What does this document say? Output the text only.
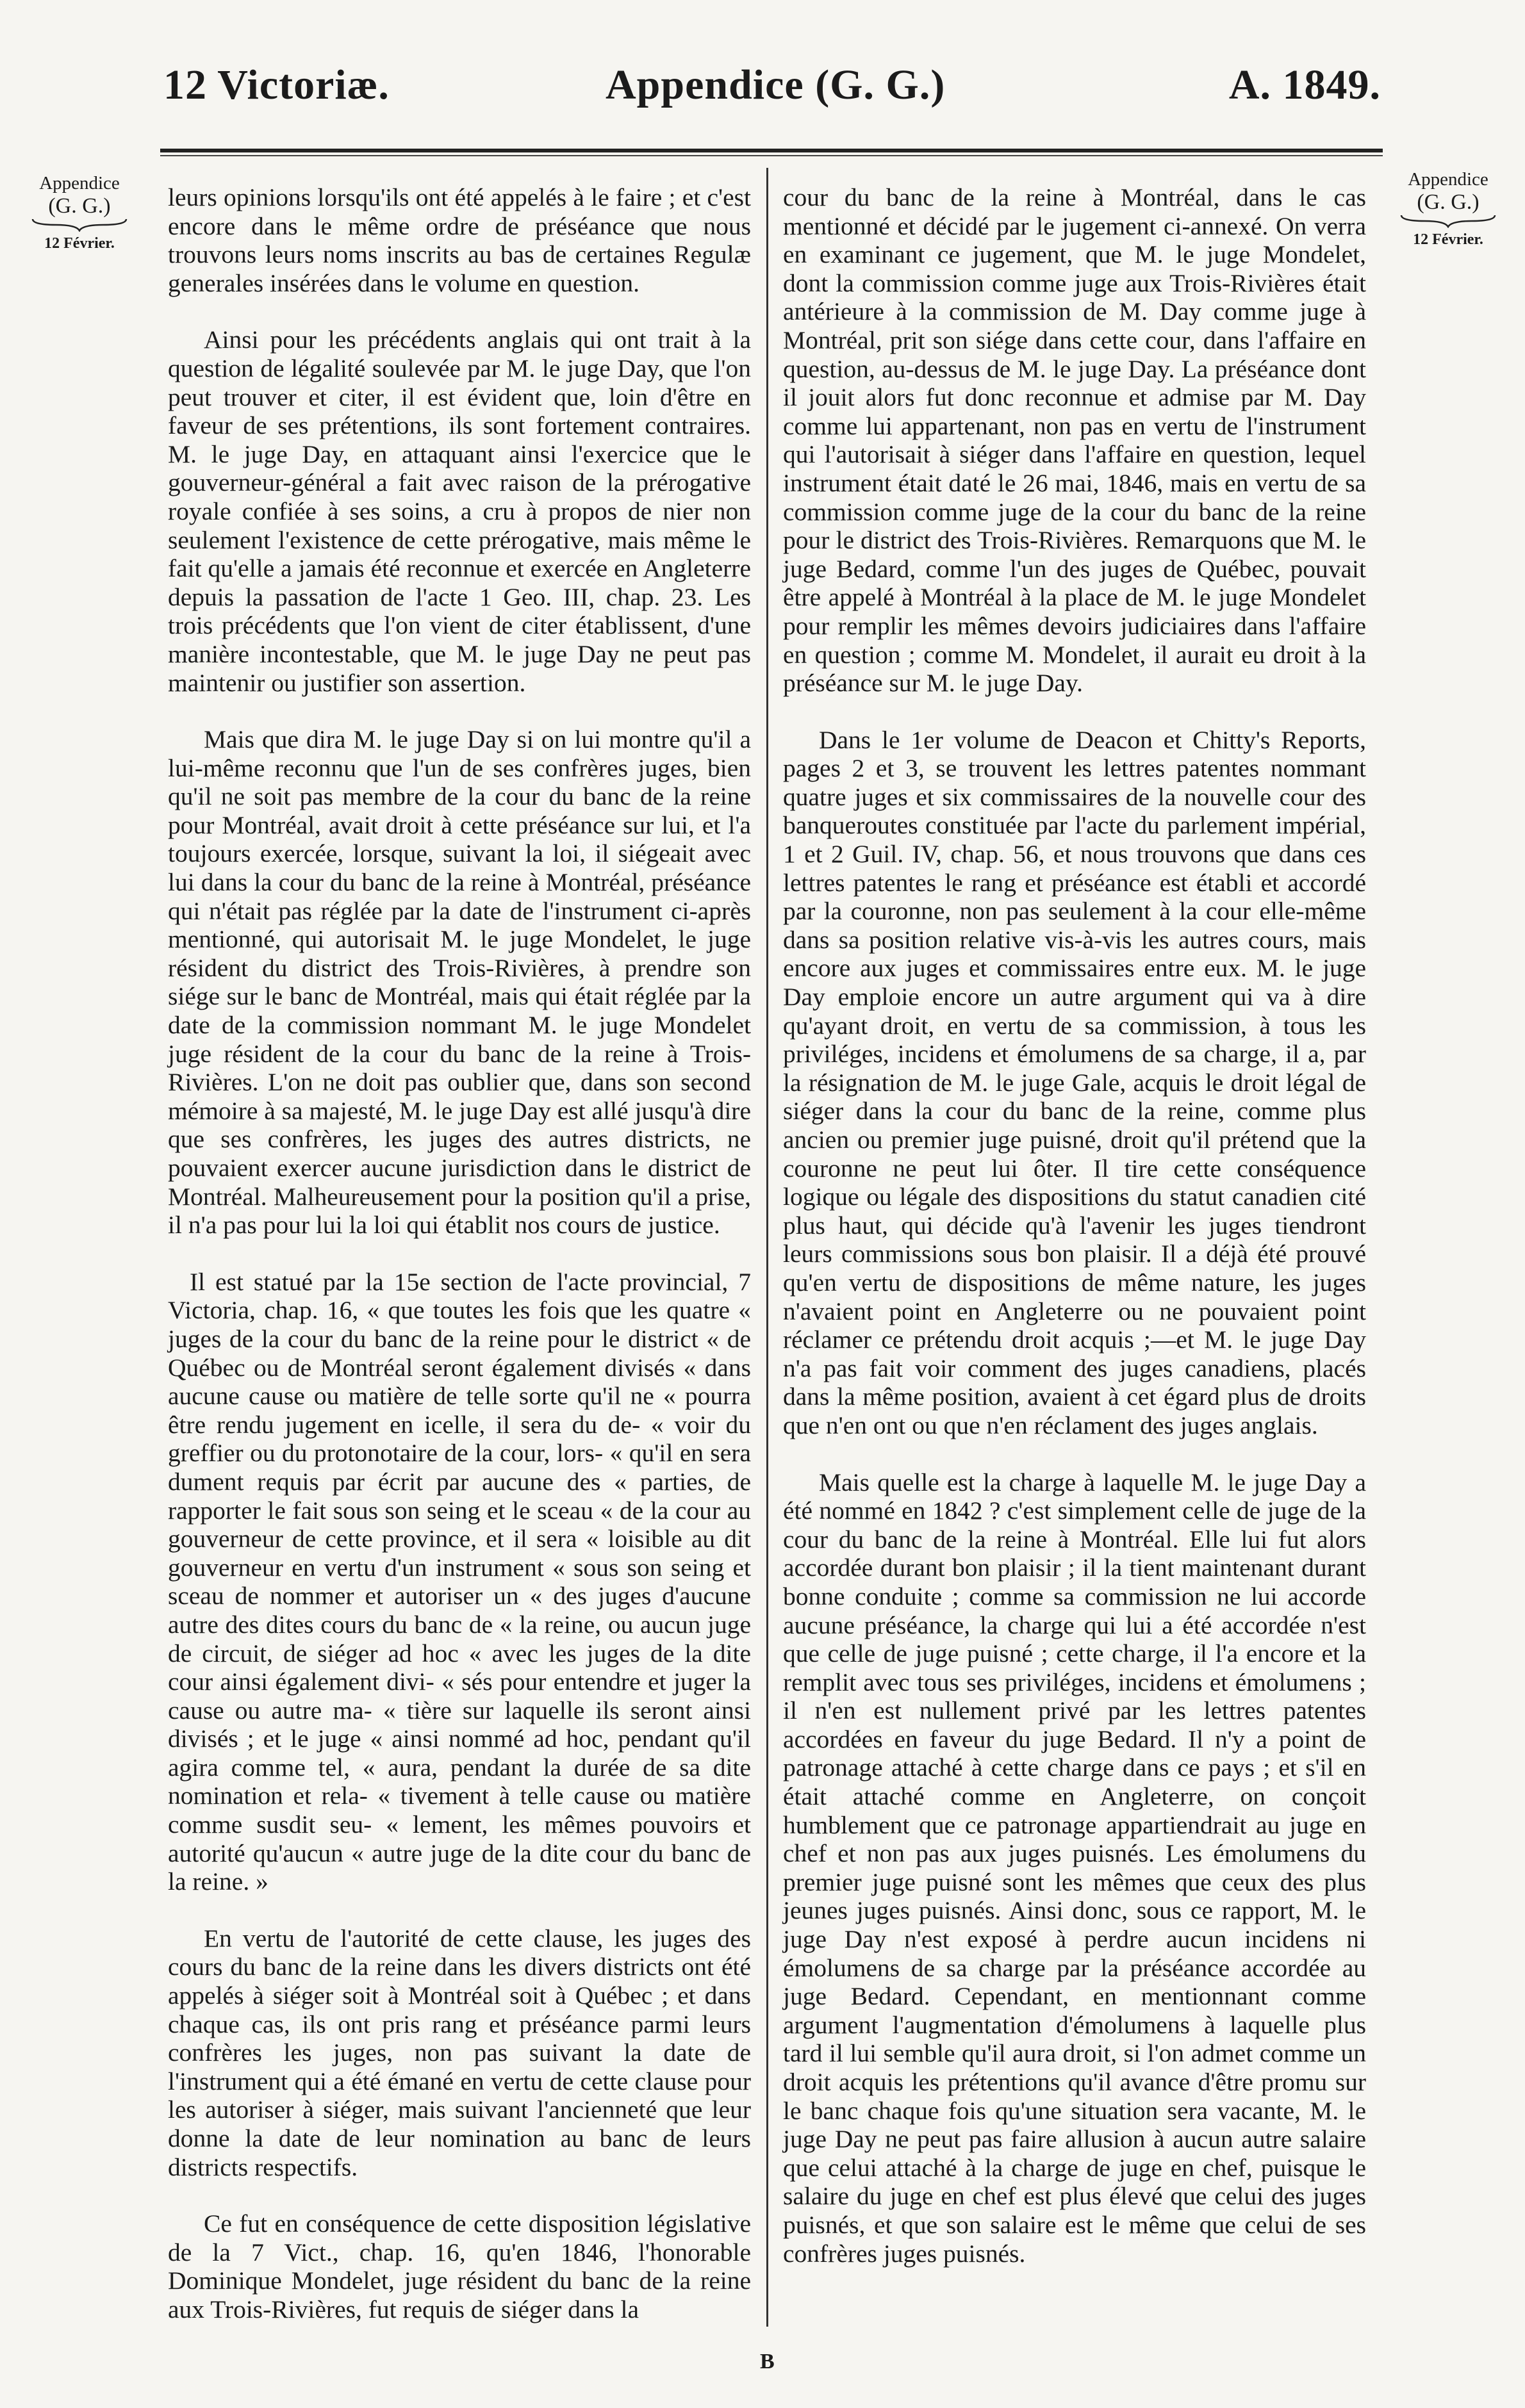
12 Victoriæ.	Appendice (G. G.)	A. 1849.
Appendice
(G. G.)
12 Février.
Appendice
(G. G.)
12 Février.

leurs opinions lorsqu'ils ont été appelés à le faire ; et c'est encore dans le même ordre de préséance que nous trouvons leurs noms inscrits au bas de certaines Regulæ generales insérées dans le volume en question.

Ainsi pour les précédents anglais qui ont trait à la question de légalité soulevée par M. le juge Day, que l'on peut trouver et citer, il est évident que, loin d'être en faveur de ses prétentions, ils sont fortement contraires. M. le juge Day, en attaquant ainsi l'exercice que le gouverneur-général a fait avec raison de la prérogative royale confiée à ses soins, a cru à propos de nier non seulement l'existence de cette prérogative, mais même le fait qu'elle a jamais été reconnue et exercée en Angleterre depuis la passation de l'acte 1 Geo. III, chap. 23. Les trois précédents que l'on vient de citer établissent, d'une manière incontestable, que M. le juge Day ne peut pas maintenir ou justifier son assertion.

Mais que dira M. le juge Day si on lui montre qu'il a lui-même reconnu que l'un de ses confrères juges, bien qu'il ne soit pas membre de la cour du banc de la reine pour Montréal, avait droit à cette préséance sur lui, et l'a toujours exercée, lorsque, suivant la loi, il siégeait avec lui dans la cour du banc de la reine à Montréal, préséance qui n'était pas réglée par la date de l'instrument ci-après mentionné, qui autorisait M. le juge Mondelet, le juge résident du district des Trois-Rivières, à prendre son siége sur le banc de Montréal, mais qui était réglée par la date de la commission nommant M. le juge Mondelet juge résident de la cour du banc de la reine à Trois-Rivières. L'on ne doit pas oublier que, dans son second mémoire à sa majesté, M. le juge Day est allé jusqu'à dire que ses confrères, les juges des autres districts, ne pouvaient exercer aucune jurisdiction dans le district de Montréal. Malheureusement pour la position qu'il a prise, il n'a pas pour lui la loi qui établit nos cours de justice.

Il est statué par la 15e section de l'acte provincial, 7 Victoria, chap. 16, « que toutes les fois que les quatre « juges de la cour du banc de la reine pour le district « de Québec ou de Montréal seront également divisés « dans aucune cause ou matière de telle sorte qu'il ne « pourra être rendu jugement en icelle, il sera du de- « voir du greffier ou du protonotaire de la cour, lors- « qu'il en sera dument requis par écrit par aucune des « parties, de rapporter le fait sous son seing et le sceau « de la cour au gouverneur de cette province, et il sera « loisible au dit gouverneur en vertu d'un instrument « sous son seing et sceau de nommer et autoriser un « des juges d'aucune autre des dites cours du banc de « la reine, ou aucun juge de circuit, de siéger ad hoc « avec les juges de la dite cour ainsi également divi- « sés pour entendre et juger la cause ou autre ma- « tière sur laquelle ils seront ainsi divisés ; et le juge « ainsi nommé ad hoc, pendant qu'il agira comme tel, « aura, pendant la durée de sa dite nomination et rela- « tivement à telle cause ou matière comme susdit seu- « lement, les mêmes pouvoirs et autorité qu'aucun « autre juge de la dite cour du banc de la reine. »

En vertu de l'autorité de cette clause, les juges des cours du banc de la reine dans les divers districts ont été appelés à siéger soit à Montréal soit à Québec ; et dans chaque cas, ils ont pris rang et préséance parmi leurs confrères les juges, non pas suivant la date de l'instrument qui a été émané en vertu de cette clause pour les autoriser à siéger, mais suivant l'ancienneté que leur donne la date de leur nomination au banc de leurs districts respectifs.

Ce fut en conséquence de cette disposition législative de la 7 Vict., chap. 16, qu'en 1846, l'honorable Dominique Mondelet, juge résident du banc de la reine aux Trois-Rivières, fut requis de siéger dans la

cour du banc de la reine à Montréal, dans le cas mentionné et décidé par le jugement ci-annexé. On verra en examinant ce jugement, que M. le juge Mondelet, dont la commission comme juge aux Trois-Rivières était antérieure à la commission de M. Day comme juge à Montréal, prit son siége dans cette cour, dans l'affaire en question, au-dessus de M. le juge Day. La préséance dont il jouit alors fut donc reconnue et admise par M. Day comme lui appartenant, non pas en vertu de l'instrument qui l'autorisait à siéger dans l'affaire en question, lequel instrument était daté le 26 mai, 1846, mais en vertu de sa commission comme juge de la cour du banc de la reine pour le district des Trois-Rivières. Remarquons que M. le juge Bedard, comme l'un des juges de Québec, pouvait être appelé à Montréal à la place de M. le juge Mondelet pour remplir les mêmes devoirs judiciaires dans l'affaire en question ; comme M. Mondelet, il aurait eu droit à la préséance sur M. le juge Day.

Dans le 1er volume de Deacon et Chitty's Reports, pages 2 et 3, se trouvent les lettres patentes nommant quatre juges et six commissaires de la nouvelle cour des banqueroutes constituée par l'acte du parlement impérial, 1 et 2 Guil. IV, chap. 56, et nous trouvons que dans ces lettres patentes le rang et préséance est établi et accordé par la couronne, non pas seulement à la cour elle-même dans sa position relative vis-à-vis les autres cours, mais encore aux juges et commissaires entre eux. M. le juge Day emploie encore un autre argument qui va à dire qu'ayant droit, en vertu de sa commission, à tous les priviléges, incidens et émolumens de sa charge, il a, par la résignation de M. le juge Gale, acquis le droit légal de siéger dans la cour du banc de la reine, comme plus ancien ou premier juge puisné, droit qu'il prétend que la couronne ne peut lui ôter. Il tire cette conséquence logique ou légale des dispositions du statut canadien cité plus haut, qui décide qu'à l'avenir les juges tiendront leurs commissions sous bon plaisir. Il a déjà été prouvé qu'en vertu de dispositions de même nature, les juges n'avaient point en Angleterre ou ne pouvaient point réclamer ce prétendu droit acquis ;—et M. le juge Day n'a pas fait voir comment des juges canadiens, placés dans la même position, avaient à cet égard plus de droits que n'en ont ou que n'en réclament des juges anglais.

Mais quelle est la charge à laquelle M. le juge Day a été nommé en 1842 ? c'est simplement celle de juge de la cour du banc de la reine à Montréal. Elle lui fut alors accordée durant bon plaisir ; il la tient maintenant durant bonne conduite ; comme sa commission ne lui accorde aucune préséance, la charge qui lui a été accordée n'est que celle de juge puisné ; cette charge, il l'a encore et la remplit avec tous ses priviléges, incidens et émolumens ; il n'en est nullement privé par les lettres patentes accordées en faveur du juge Bedard. Il n'y a point de patronage attaché à cette charge dans ce pays ; et s'il en était attaché comme en Angleterre, on conçoit humblement que ce patronage appartiendrait au juge en chef et non pas aux juges puisnés. Les émolumens du premier juge puisné sont les mêmes que ceux des plus jeunes juges puisnés. Ainsi donc, sous ce rapport, M. le juge Day n'est exposé à perdre aucun incidens ni émolumens de sa charge par la préséance accordée au juge Bedard. Cependant, en mentionnant comme argument l'augmentation d'émolumens à laquelle plus tard il lui semble qu'il aura droit, si l'on admet comme un droit acquis les prétentions qu'il avance d'être promu sur le banc chaque fois qu'une situation sera vacante, M. le juge Day ne peut pas faire allusion à aucun autre salaire que celui attaché à la charge de juge en chef, puisque le salaire du juge en chef est plus élevé que celui des juges puisnés, et que son salaire est le même que celui de ses confrères juges puisnés.

B
